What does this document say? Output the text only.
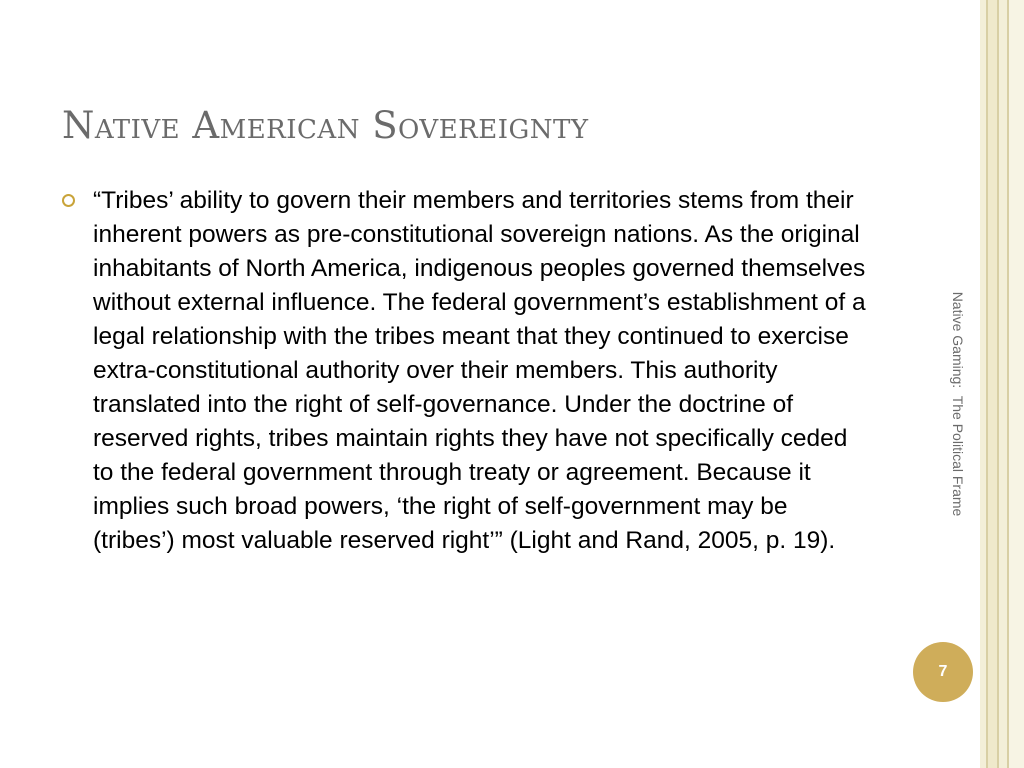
Native American Sovereignty

“Tribes’ ability to govern their members and territories stems from their inherent powers as pre-constitutional sovereign nations. As the original inhabitants of North America, indigenous peoples governed themselves without external influence. The federal government’s establishment of a legal relationship with the tribes meant that they continued to exercise extra-constitutional authority over their members. This authority translated into the right of self-governance. Under the doctrine of reserved rights, tribes maintain rights they have not specifically ceded to the federal government through treaty or agreement. Because it implies such broad powers, ‘the right of self-government may be (tribes’) most valuable reserved right’” (Light and Rand, 2005, p. 19).

Native Gaming:  The Political Frame
7
